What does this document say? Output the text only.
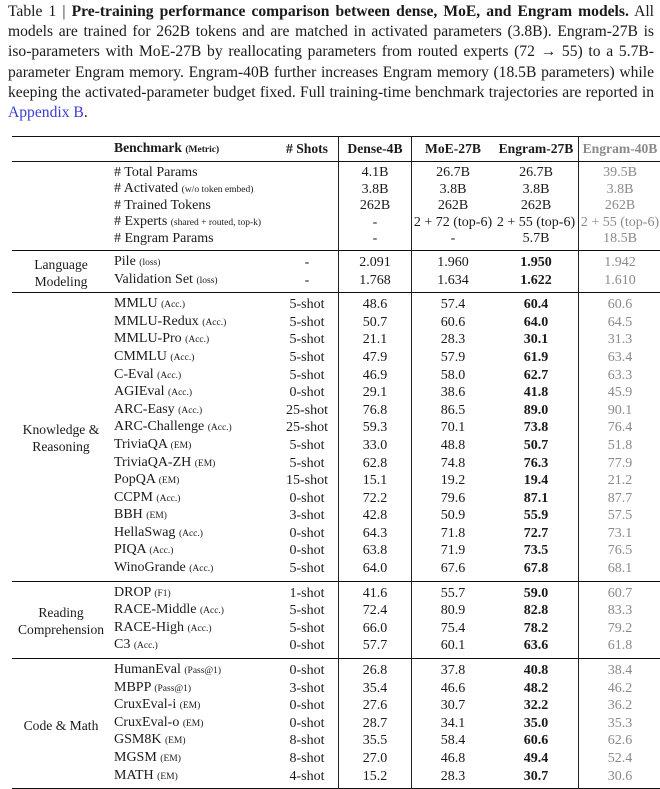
Table 1 | Pre-training performance comparison between dense, MoE, and Engram models. All models are trained for 262B tokens and are matched in activated parameters (3.8B). Engram-27B is iso-parameters with MoE-27B by reallocating parameters from routed experts (72 → 55) to a 5.7B-parameter Engram memory. Engram-40B further increases Engram memory (18.5B parameters) while keeping the activated-parameter budget fixed. Full training-time benchmark trajectories are reported in Appendix B.
	Benchmark (Metric)	# Shots	Dense-4B	MoE-27B	Engram-27B	Engram-40B
	# Total Params		4.1B	26.7B	26.7B	39.5B
	# Activated (w/o token embed)		3.8B	3.8B	3.8B	3.8B
	# Trained Tokens		262B	262B	262B	262B
	# Experts (shared + routed, top-k)		-	2 + 72 (top-6)	2 + 55 (top-6)	2 + 55 (top-6)
	# Engram Params		-	-	5.7B	18.5B
Language Modeling	Pile (loss)	-	2.091	1.960	1.950	1.942
	Validation Set (loss)	-	1.768	1.634	1.622	1.610
Knowledge & Reasoning	MMLU (Acc.)	5-shot	48.6	57.4	60.4	60.6
	MMLU-Redux (Acc.)	5-shot	50.7	60.6	64.0	64.5
	MMLU-Pro (Acc.)	5-shot	21.1	28.3	30.1	31.3
	CMMLU (Acc.)	5-shot	47.9	57.9	61.9	63.4
	C-Eval (Acc.)	5-shot	46.9	58.0	62.7	63.3
	AGIEval (Acc.)	0-shot	29.1	38.6	41.8	45.9
	ARC-Easy (Acc.)	25-shot	76.8	86.5	89.0	90.1
	ARC-Challenge (Acc.)	25-shot	59.3	70.1	73.8	76.4
	TriviaQA (EM)	5-shot	33.0	48.8	50.7	51.8
	TriviaQA-ZH (EM)	5-shot	62.8	74.8	76.3	77.9
	PopQA (EM)	15-shot	15.1	19.2	19.4	21.2
	CCPM (Acc.)	0-shot	72.2	79.6	87.1	87.7
	BBH (EM)	3-shot	42.8	50.9	55.9	57.5
	HellaSwag (Acc.)	0-shot	64.3	71.8	72.7	73.1
	PIQA (Acc.)	0-shot	63.8	71.9	73.5	76.5
	WinoGrande (Acc.)	5-shot	64.0	67.6	67.8	68.1
Reading Comprehension	DROP (F1)	1-shot	41.6	55.7	59.0	60.7
	RACE-Middle (Acc.)	5-shot	72.4	80.9	82.8	83.3
	RACE-High (Acc.)	5-shot	66.0	75.4	78.2	79.2
	C3 (Acc.)	0-shot	57.7	60.1	63.6	61.8
Code & Math	HumanEval (Pass@1)	0-shot	26.8	37.8	40.8	38.4
	MBPP (Pass@1)	3-shot	35.4	46.6	48.2	46.2
	CruxEval-i (EM)	0-shot	27.6	30.7	32.2	36.2
	CruxEval-o (EM)	0-shot	28.7	34.1	35.0	35.3
	GSM8K (EM)	8-shot	35.5	58.4	60.6	62.6
	MGSM (EM)	8-shot	27.0	46.8	49.4	52.4
	MATH (EM)	4-shot	15.2	28.3	30.7	30.6
